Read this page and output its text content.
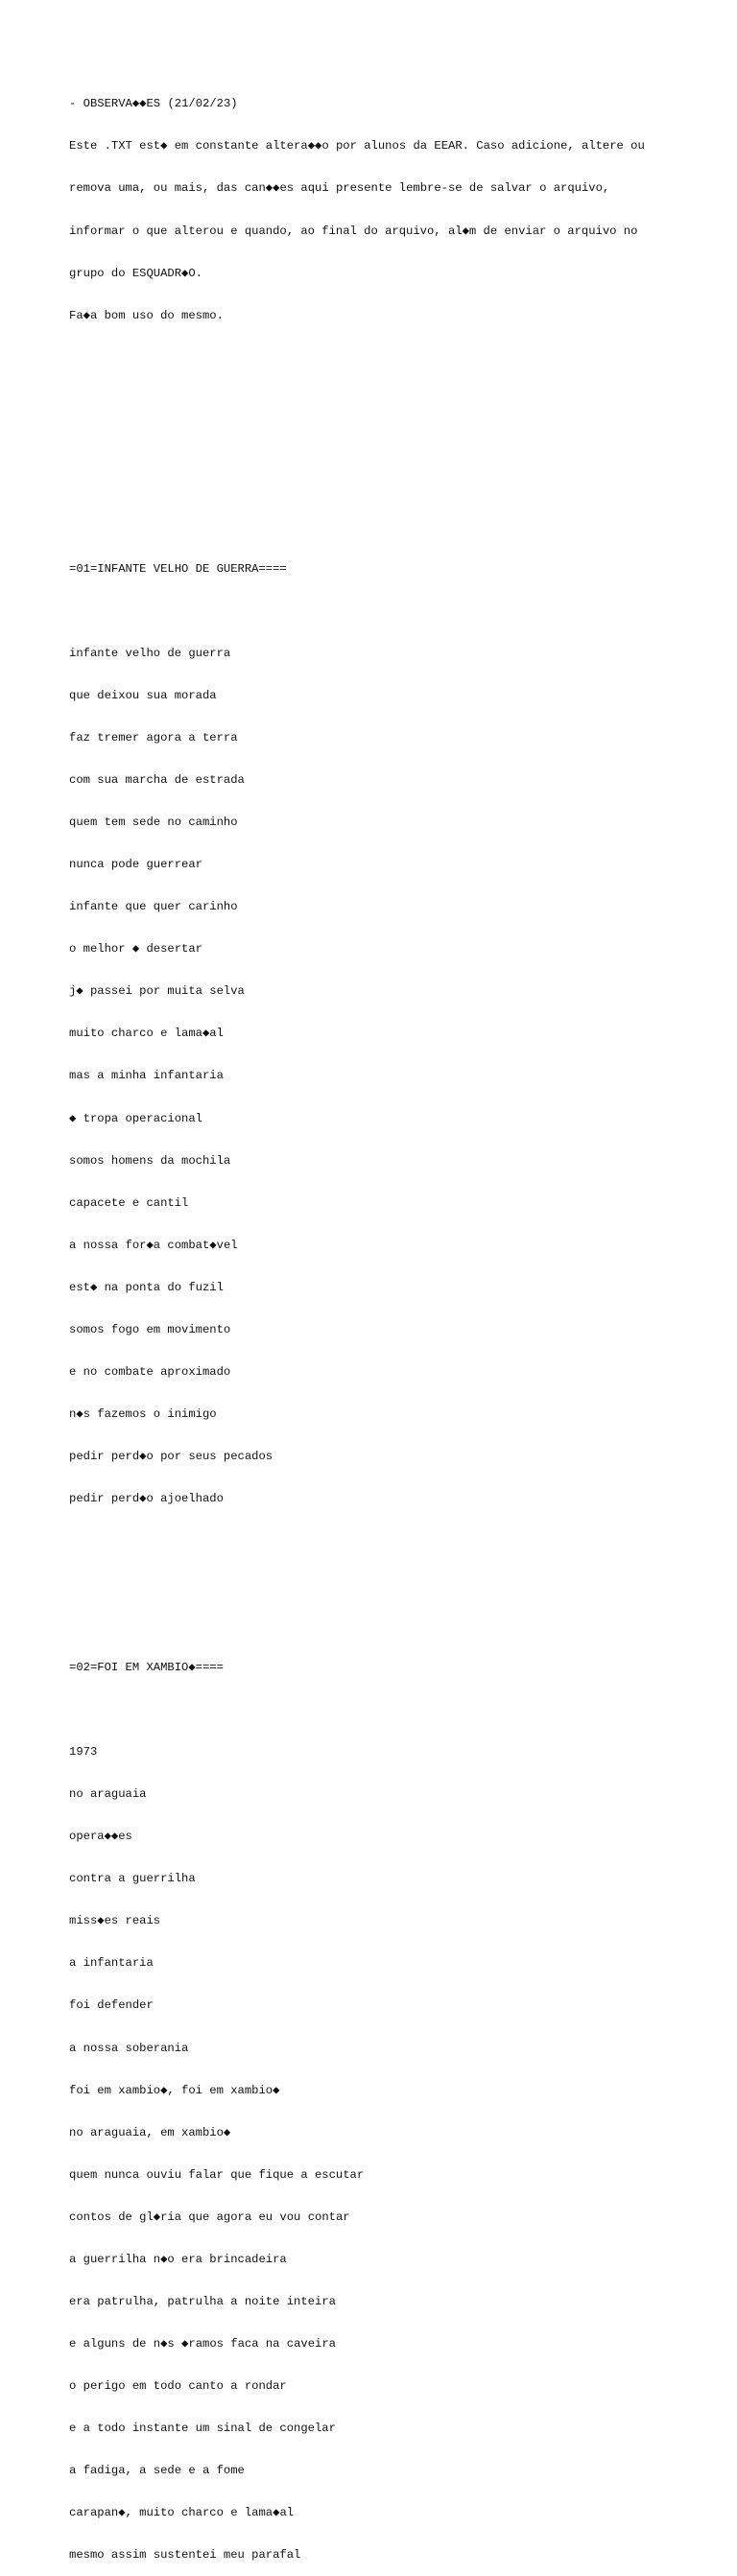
- OBSERVA◆◆ES (21/02/23)

Este .TXT est◆ em constante altera◆◆o por alunos da EEAR. Caso adicione, altere ou

remova uma, ou mais, das can◆◆es aqui presente lembre-se de salvar o arquivo,

informar o que alterou e quando, ao final do arquivo, al◆m de enviar o arquivo no

grupo do ESQUADR◆O.

Fa◆a bom uso do mesmo.

=01=INFANTE VELHO DE GUERRA====

infante velho de guerra

que deixou sua morada

faz tremer agora a terra

com sua marcha de estrada

quem tem sede no caminho

nunca pode guerrear

infante que quer carinho

o melhor ◆ desertar

j◆ passei por muita selva

muito charco e lama◆al

mas a minha infantaria

◆ tropa operacional

somos homens da mochila

capacete e cantil

a nossa for◆a combat◆vel

est◆ na ponta do fuzil

somos fogo em movimento

e no combate aproximado

n◆s fazemos o inimigo

pedir perd◆o por seus pecados

pedir perd◆o ajoelhado

=02=FOI EM XAMBIO◆====

1973

no araguaia

opera◆◆es

contra a guerrilha

miss◆es reais

a infantaria

foi defender

a nossa soberania

foi em xambio◆, foi em xambio◆

no araguaia, em xambio◆

quem nunca ouviu falar que fique a escutar

contos de gl◆ria que agora eu vou contar

a guerrilha n◆o era brincadeira

era patrulha, patrulha a noite inteira

e alguns de n◆s ◆ramos faca na caveira

o perigo em todo canto a rondar

e a todo instante um sinal de congelar

a fadiga, a sede e a fome

carapan◆, muito charco e lama◆al

mesmo assim sustentei meu parafal
